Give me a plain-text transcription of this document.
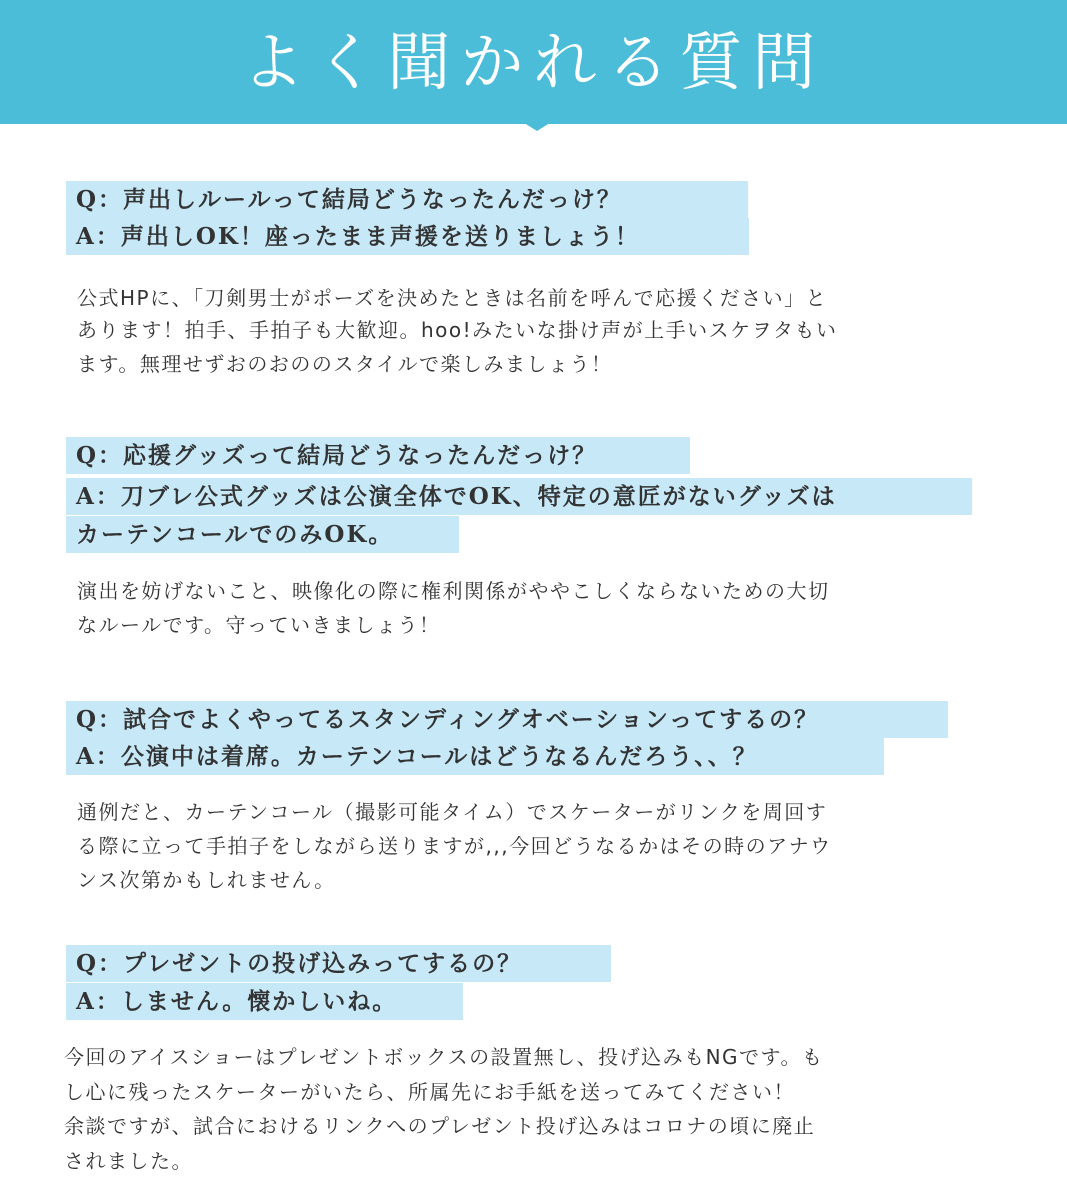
よく聞かれる質問
Q：声出しルールって結局どうなったんだっけ？
A：声出しOK！座ったまま声援を送りましょう！
公式HPに、「刀剣男士がポーズを決めたときは名前を呼んで応援ください」と
あります！拍手、手拍子も大歓迎。hoo!みたいな掛け声が上手いスケヲタもい
ます。無理せずおのおののスタイルで楽しみましょう！
Q：応援グッズって結局どうなったんだっけ？
A：刀ブレ公式グッズは公演全体でOK、特定の意匠がないグッズは
カーテンコールでのみOK。
演出を妨げないこと、映像化の際に権利関係がややこしくならないための大切
なルールです。守っていきましょう！
Q：試合でよくやってるスタンディングオベーションってするの？
A：公演中は着席。カーテンコールはどうなるんだろう、、？
通例だと、カーテンコール（撮影可能タイム）でスケーターがリンクを周回す
る際に立って手拍子をしながら送りますが,,,今回どうなるかはその時のアナウ
ンス次第かもしれません。
Q：プレゼントの投げ込みってするの？
A：しません。懐かしいね。
今回のアイスショーはプレゼントボックスの設置無し、投げ込みもNGです。も
し心に残ったスケーターがいたら、所属先にお手紙を送ってみてください！
余談ですが、試合におけるリンクへのプレゼント投げ込みはコロナの頃に廃止
されました。
